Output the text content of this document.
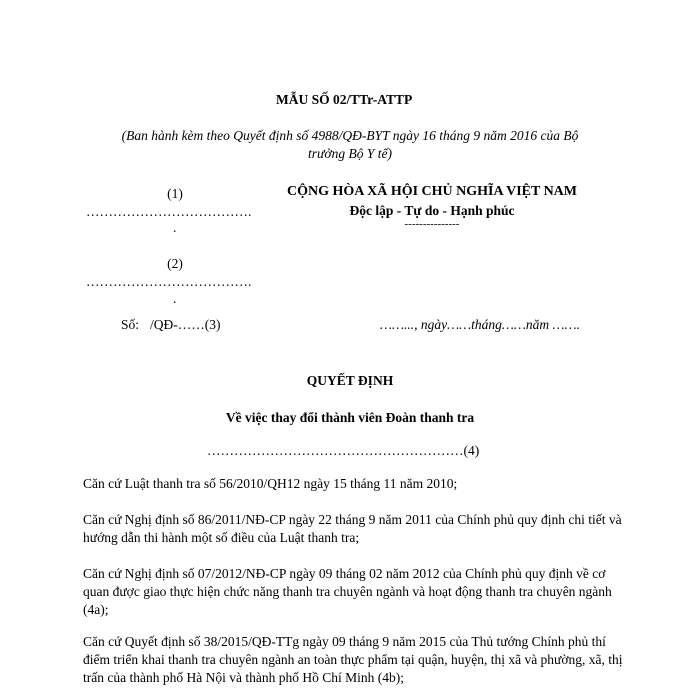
MẪU SỐ 02/TTr-ATTP
(Ban hành kèm theo Quyết định số 4988/QĐ-BYT ngày 16 tháng 9 năm 2016 của Bộ
trưởng Bộ Y tế)
(1)
……………………………….
.
(2)
……………………………….
.
Số: /QĐ-……(3)
CỘNG HÒA XÃ HỘI CHỦ NGHĨA VIỆT NAM
Độc lập - Tự do - Hạnh phúc
---------------
……..., ngày……tháng……năm …….
QUYẾT ĐỊNH
Về việc thay đổi thành viên Đoàn thanh tra
…………………………………………………(4)
Căn cứ Luật thanh tra số 56/2010/QH12 ngày 15 tháng 11 năm 2010;
Căn cứ Nghị định số 86/2011/NĐ-CP ngày 22 tháng 9 năm 2011 của Chính phủ quy định chi tiết và hướng dẫn thi hành một số điều của Luật thanh tra;
Căn cứ Nghị định số 07/2012/NĐ-CP ngày 09 tháng 02 năm 2012 của Chính phủ quy định về cơ quan được giao thực hiện chức năng thanh tra chuyên ngành và hoạt động thanh tra chuyên ngành (4a);
Căn cứ Quyết định số 38/2015/QĐ-TTg ngày 09 tháng 9 năm 2015 của Thủ tướng Chính phủ thí điểm triển khai thanh tra chuyên ngành an toàn thực phẩm tại quận, huyện, thị xã và phường, xã, thị trấn của thành phố Hà Nội và thành phố Hồ Chí Minh (4b);
